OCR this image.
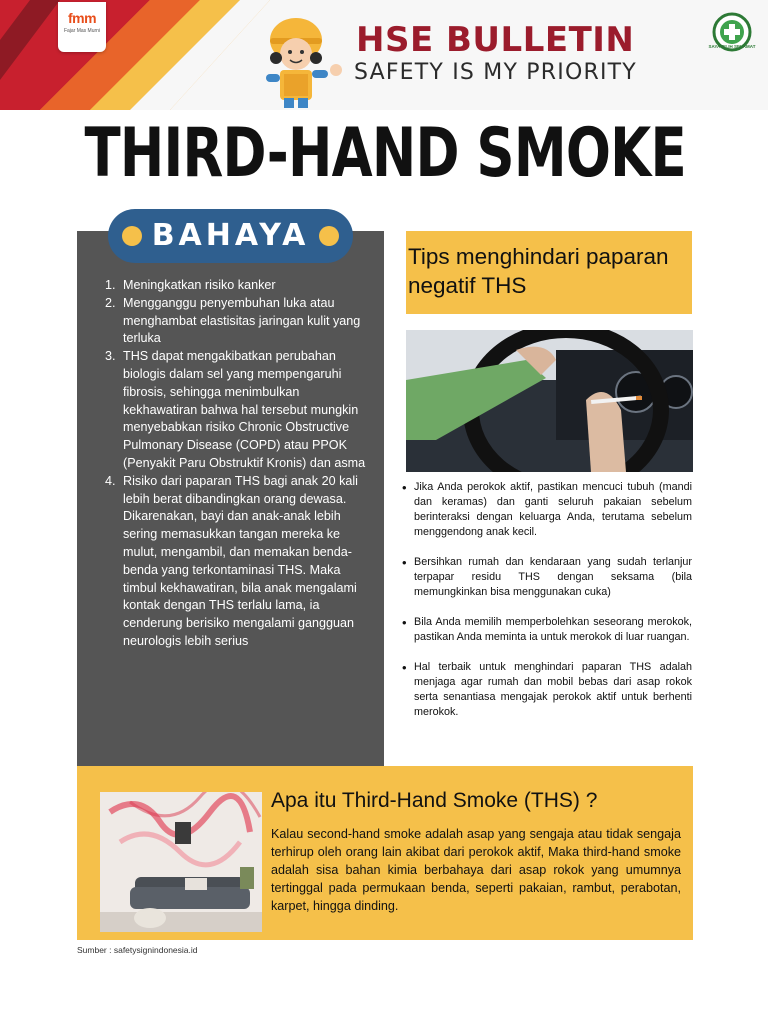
fmm
Fajar Mas Murni	HSE BULLETIN
SAFETY IS MY PRIORITY
SAYA PILIH SELAMAT
THIRD-HAND SMOKE
BAHAYA
1. Meningkatkan risiko kanker
2. Mengganggu penyembuhan luka atau menghambat elastisitas jaringan kulit yang terluka
3. THS dapat mengakibatkan perubahan biologis dalam sel yang mempengaruhi fibrosis, sehingga menimbulkan kekhawatiran bahwa hal tersebut mungkin menyebabkan risiko Chronic Obstructive Pulmonary Disease (COPD) atau PPOK (Penyakit Paru Obstruktif Kronis) dan asma
4. Risiko dari paparan THS bagi anak 20 kali lebih berat dibandingkan orang dewasa. Dikarenakan, bayi dan anak-anak lebih sering memasukkan tangan mereka ke mulut, mengambil, dan memakan benda-benda yang terkontaminasi THS. Maka timbul kekhawatiran, bila anak mengalami kontak dengan THS terlalu lama, ia cenderung berisiko mengalami gangguan neurologis lebih serius
Tips menghindari paparan negatif THS
• Jika Anda perokok aktif, pastikan mencuci tubuh (mandi dan keramas) dan ganti seluruh pakaian sebelum berinteraksi dengan keluarga Anda, terutama sebelum menggendong anak kecil.
• Bersihkan rumah dan kendaraan yang sudah terlanjur terpapar residu THS dengan seksama (bila memungkinkan bisa menggunakan cuka)
• Bila Anda memilih memperbolehkan seseorang merokok, pastikan Anda meminta ia untuk merokok di luar ruangan.
• Hal terbaik untuk menghindari paparan THS adalah menjaga agar rumah dan mobil bebas dari asap rokok serta senantiasa mengajak perokok aktif untuk berhenti merokok.
Apa itu Third-Hand Smoke (THS) ?
Kalau second-hand smoke adalah asap yang sengaja atau tidak sengaja terhirup oleh orang lain akibat dari perokok aktif, Maka third-hand smoke adalah sisa bahan kimia berbahaya dari asap rokok yang umumnya tertinggal pada permukaan benda, seperti pakaian, rambut, perabotan, karpet, hingga dinding.
Sumber : safetysignindonesia.id
